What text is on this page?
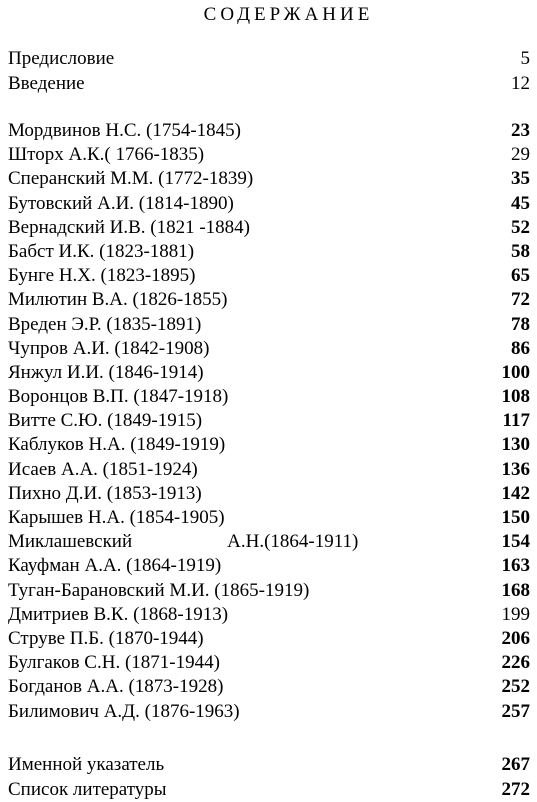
СОДЕРЖАНИЕ
Предисловие	5
Введение	12
Мордвинов Н.С. (1754-1845)	23
Шторх А.К.( 1766-1835)	29
Сперанский М.М. (1772-1839)	35
Бутовский А.И. (1814-1890)	45
Вернадский И.В. (1821 -1884)	52
Бабст И.К. (1823-1881)	58
Бунге Н.Х. (1823-1895)	65
Милютин В.А. (1826-1855)	72
Вреден Э.Р. (1835-1891)	78
Чупров А.И. (1842-1908)	86
Янжул И.И. (1846-1914)	100
Воронцов В.П. (1847-1918)	108
Витте С.Ю. (1849-1915)	117
Каблуков Н.А. (1849-1919)	130
Исаев А.А. (1851-1924)	136
Пихно Д.И. (1853-1913)	142
Карышев Н.А. (1854-1905)	150
Миклашевский                    А.Н.(1864-1911)	154
Кауфман А.А. (1864-1919)	163
Туган-Барановский М.И. (1865-1919)	168
Дмитриев В.К. (1868-1913)	199
Струве П.Б. (1870-1944)	206
Булгаков С.Н. (1871-1944)	226
Богданов А.А. (1873-1928)	252
Билимович А.Д. (1876-1963)	257
Именной указатель	267
Список литературы	272
